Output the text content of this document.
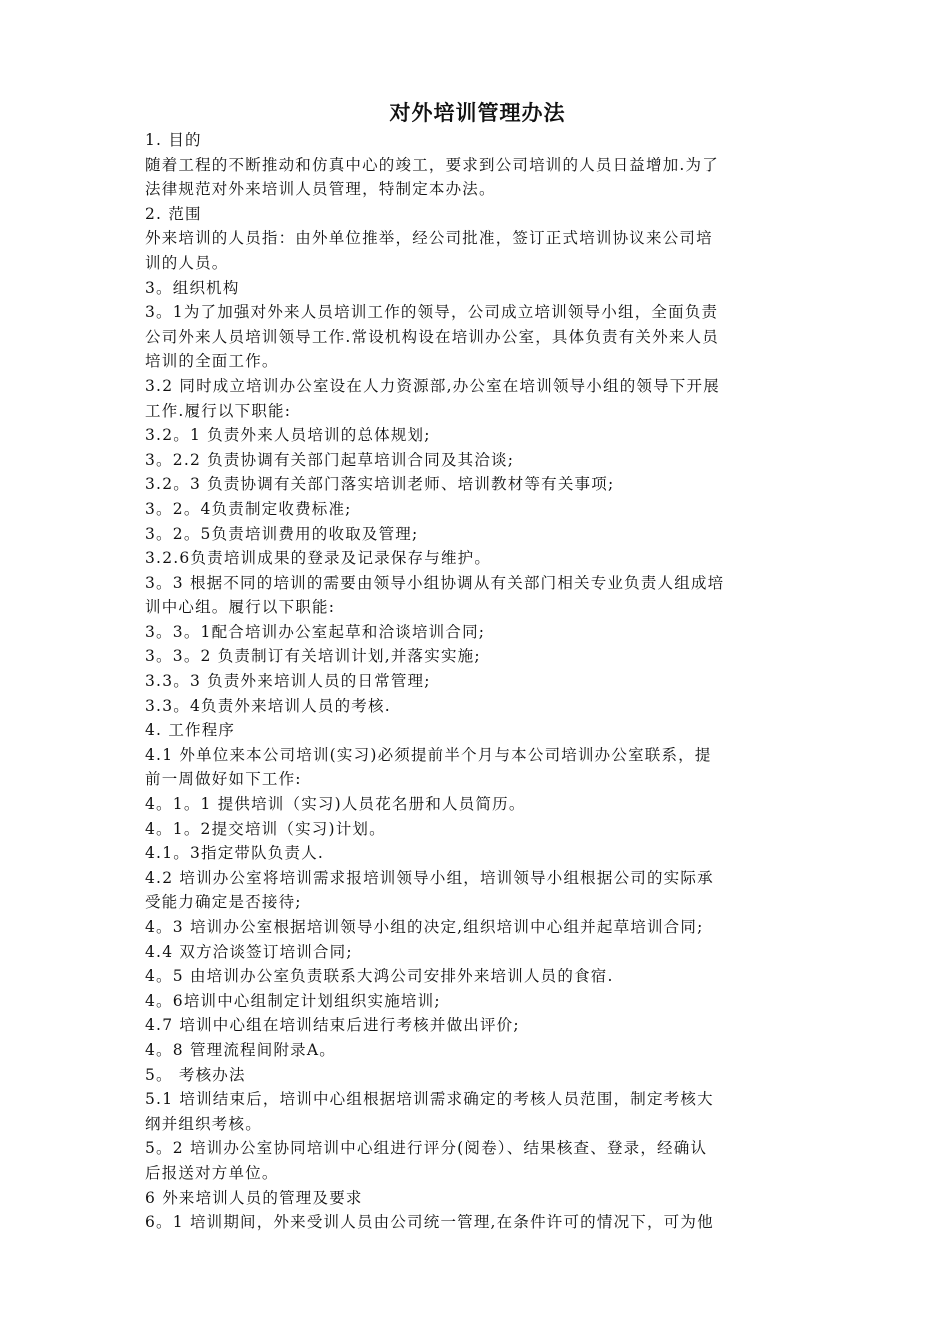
对外培训管理办法
1. 目的
随着工程的不断推动和仿真中心的竣工，要求到公司培训的人员日益增加.为了
法律规范对外来培训人员管理，特制定本办法。
2. 范围
外来培训的人员指：由外单位推举，经公司批准，签订正式培训协议来公司培
训的人员。
3。组织机构
3。1为了加强对外来人员培训工作的领导，公司成立培训领导小组，全面负责
公司外来人员培训领导工作.常设机构设在培训办公室，具体负责有关外来人员
培训的全面工作。
3.2 同时成立培训办公室设在人力资源部,办公室在培训领导小组的领导下开展
工作.履行以下职能:
3.2。1 负责外来人员培训的总体规划;
3。2.2 负责协调有关部门起草培训合同及其洽谈;
3.2。3 负责协调有关部门落实培训老师、培训教材等有关事项;
3。2。4负责制定收费标准;
3。2。5负责培训费用的收取及管理;
3.2.6负责培训成果的登录及记录保存与维护。
3。3 根据不同的培训的需要由领导小组协调从有关部门相关专业负责人组成培
训中心组。履行以下职能:
3。3。1配合培训办公室起草和洽谈培训合同;
3。3。2 负责制订有关培训计划,并落实实施;
3.3。3 负责外来培训人员的日常管理;
3.3。4负责外来培训人员的考核.
4. 工作程序
4.1 外单位来本公司培训(实习)必须提前半个月与本公司培训办公室联系，提
前一周做好如下工作:
4。1。1 提供培训（实习)人员花名册和人员简历。
4。1。2提交培训（实习)计划。
4.1。3指定带队负责人.
4.2 培训办公室将培训需求报培训领导小组，培训领导小组根据公司的实际承
受能力确定是否接待;
4。3 培训办公室根据培训领导小组的决定,组织培训中心组并起草培训合同;
4.4 双方洽谈签订培训合同;
4。5 由培训办公室负责联系大鸿公司安排外来培训人员的食宿.
4。6培训中心组制定计划组织实施培训;
4.7 培训中心组在培训结束后进行考核并做出评价;
4。8 管理流程间附录A。
5。 考核办法
5.1 培训结束后，培训中心组根据培训需求确定的考核人员范围，制定考核大
纲并组织考核。
5。2 培训办公室协同培训中心组进行评分(阅卷）、结果核查、登录，经确认
后报送对方单位。
6 外来培训人员的管理及要求
6。1 培训期间，外来受训人员由公司统一管理,在条件许可的情况下，可为他
